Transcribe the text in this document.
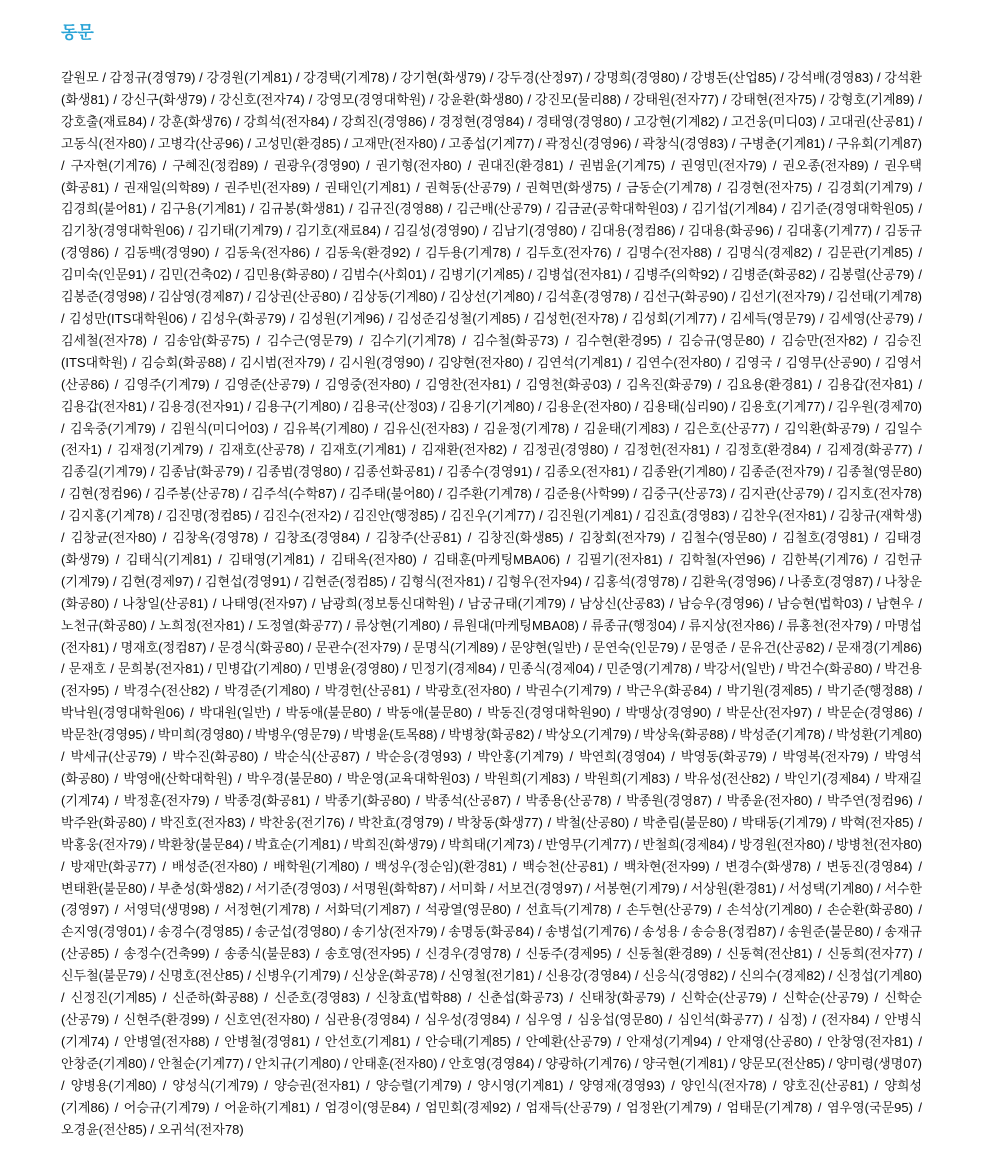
동문

갈원모 / 감정규(경영79) / 강경원(기계81) / 강경택(기계78) / 강기현(화생79) / 강두경(산정97) / 강명희(경영80) / 강병돈(산업85) / 강석배(경영83) / 강석환(화생81) / 강신구(화생79) / 강신호(전자74) / 강영모(경영대학원) / 강윤환(화생80) / 강진모(물리88) / 강태원(전자77) / 강태현(전자75) / 강형호(기계89) / 강호출(재료84) / 강훈(화생76) / 강희석(전자84) / 강희진(경영86) / 경정현(경영84) / 경태영(경영80) / 고강현(기계82) / 고건웅(미디03) / 고대권(산공81) / 고동식(전자80) / 고병각(산공96) / 고성민(환경85) / 고재만(전자80) / 고종섭(기계77) / 곽정신(경영96) / 곽창식(경영83) / 구병춘(기계81) / 구유회(기계87) / 구자현(기계76) / 구혜진(정컴89) / 권광우(경영90) / 권기형(전자80) / 권대진(환경81) / 권범윤(기계75) / 권영민(전자79) / 권오종(전자89) / 권우택(화공81) / 권재일(의학89) / 권주빈(전자89) / 권태인(기계81) / 권혁동(산공79) / 권혁면(화생75) / 금동순(기계78) / 김경현(전자75) / 김경회(기계79) / 김경희(불어81) / 김구용(기계81) / 김규봉(화생81) / 김규진(경영88) / 김근배(산공79) / 김금균(공학대학원03) / 김기섭(기계84) / 김기준(경영대학원05) / 김기창(경영대학원06) / 김기태(기계79) / 김기호(재료84) / 김길성(경영90) / 김남기(경영80) / 김대용(정컴86) / 김대용(화공96) / 김대홍(기계77) / 김동규(경영86) / 김동백(경영90) / 김동욱(전자86) / 김동욱(환경92) / 김두용(기계78) / 김두호(전자76) / 김명수(전자88) / 김명식(경제82) / 김문관(기계85) / 김미숙(인문91) / 김민(건축02) / 김민용(화공80) / 김범수(사회01) / 김병기(기계85) / 김병섭(전자81) / 김병주(의학92) / 김병준(화공82) / 김봉렬(산공79) / 김봉준(경영98) / 김삼영(경제87) / 김상권(산공80) / 김상동(기계80) / 김상선(기계80) / 김석훈(경영78) / 김선구(화공90) / 김선기(전자79) / 김선태(기계78) / 김성만(ITS대학원06) / 김성우(화공79) / 김성원(기계96) / 김성준김성철(기계85) / 김성헌(전자78) / 김성회(기계77) / 김세득(영문79) / 김세영(산공79) / 김세철(전자78) / 김송암(화공75) / 김수근(영문79) / 김수기(기계78) / 김수철(화공73) / 김수현(환경95) / 김승규(영문80) / 김승만(전자82) / 김승진(ITS대학원) / 김승회(화공88) / 김시범(전자79) / 김시원(경영90) / 김양현(전자80) / 김연석(기계81) / 김연수(전자80) / 김영국 / 김영무(산공90) / 김영서(산공86) / 김영주(기계79) / 김영준(산공79) / 김영중(전자80) / 김영찬(전자81) / 김영천(화공03) / 김옥진(화공79) / 김요용(환경81) / 김용갑(전자81) / 김용갑(전자81) / 김용경(전자91) / 김용구(기계80) / 김용국(산정03) / 김용기(기계80) / 김용운(전자80) / 김용태(심리90) / 김용호(기계77) / 김우원(경제70) / 김욱중(기계79) / 김원식(미디어03) / 김유복(기계80) / 김유신(전자83) / 김윤정(기계78) / 김윤태(기계83) / 김은호(산공77) / 김익환(화공79) / 김일수(전자1) / 김재정(기계79) / 김재호(산공78) / 김재호(기계81) / 김재환(전자82) / 김정권(경영80) / 김정헌(전자81) / 김정호(환경84) / 김제경(화공77) / 김종길(기계79) / 김종남(화공79) / 김종범(경영80) / 김종선화공81) / 김종수(경영91) / 김종오(전자81) / 김종완(기계80) / 김종준(전자79) / 김종철(영문80) / 김현(정컴96) / 김주봉(산공78) / 김주석(수학87) / 김주태(불어80) / 김주환(기계78) / 김준용(사학99) / 김중구(산공73) / 김지관(산공79) / 김지호(전자78) / 김지홍(기계78) / 김진명(정컴85) / 김진수(전자2) / 김진안(행정85) / 김진우(기계77) / 김진원(기계81) / 김진효(경영83) / 김찬우(전자81) / 김창규(재학생) / 김창균(전자80) / 김창옥(경영78) / 김창조(경영84) / 김창주(산공81) / 김창진(화생85) / 김창회(전자79) / 김철수(영문80) / 김철호(경영81) / 김태경(화생79) / 김태식(기계81) / 김태영(기계81) / 김태옥(전자80) / 김태훈(마케팅MBA06) / 김필기(전자81) / 김학철(자연96) / 김한복(기계76) / 김헌규(기계79) / 김현(경제97) / 김현섭(경영91) / 김현준(정컴85) / 김형식(전자81) / 김형우(전자94) / 김홍석(경영78) / 김환욱(경영96) / 나종호(경영87) / 나창운(화공80) / 나창일(산공81) / 나태영(전자97) / 남광희(정보통신대학원) / 남궁규태(기계79) / 남상신(산공83) / 남승우(경영96) / 남승현(법학03) / 남현우 / 노천규(화공80) / 노희정(전자81) / 도정열(화공77) / 류상현(기계80) / 류원대(마케팅MBA08) / 류종규(행정04) / 류지상(전자86) / 류홍천(전자79) / 마명섭(전자81) / 명재호(정컴87) / 문경식(화공80) / 문관수(전자79) / 문명식(기계89) / 문양현(일반) / 문연숙(인문79) / 문영준 / 문유건(산공82) / 문재경(기계86) / 문재호 / 문희봉(전자81) / 민병갑(기계80) / 민병윤(경영80) / 민정기(경제84) / 민종식(경제04) / 민준영(기계78) / 박강서(일반) / 박건수(화공80) / 박건용(전자95) / 박경수(전산82) / 박경준(기계80) / 박경헌(산공81) / 박광호(전자80) / 박권수(기계79) / 박근우(화공84) / 박기원(경제85) / 박기준(행정88) / 박낙원(경영대학원06) / 박대원(일반) / 박동애(불문80) / 박동애(불문80) / 박동진(경영대학원90) / 박맹상(경영90) / 박문산(전자97) / 박문순(경영86) / 박문찬(경영95) / 박미희(경영80) / 박병우(영문79) / 박병윤(토목88) / 박병창(화공82) / 박상오(기계79) / 박상욱(화공88) / 박성준(기계78) / 박성환(기계80) / 박세규(산공79) / 박수진(화공80) / 박순식(산공87) / 박순응(경영93) / 박안홍(기계79) / 박연희(경영04) / 박영동(화공79) / 박영복(전자79) / 박영석(화공80) / 박영애(산학대학원) / 박우경(불문80) / 박운영(교육대학원03) / 박원희(기계83) / 박원희(기계83) / 박유성(전산82) / 박인기(경제84) / 박재길(기계74) / 박정훈(전자79) / 박종경(화공81) / 박종기(화공80) / 박종석(산공87) / 박종용(산공78) / 박종원(경영87) / 박종윤(전자80) / 박주연(정컴96) / 박주완(화공80) / 박진호(전자83) / 박찬웅(전기76) / 박찬효(경영79) / 박창동(화생77) / 박철(산공80) / 박춘림(불문80) / 박태동(기계79) / 박혁(전자85) / 박홍웅(전자79) / 박환창(불문84) / 박효순(기계81) / 박희진(화생79) / 박희태(기계73) / 반영무(기계77) / 반철희(경제84) / 방경원(전자80) / 방병천(전자80) / 방재만(화공77) / 배성준(전자80) / 배학원(기계80) / 백성우(정순임)(환경81) / 백승천(산공81) / 백차현(전자99) / 변경수(화생78) / 변동진(경영84) / 변태환(불문80) / 부춘성(화생82) / 서기준(경영03) / 서명원(화학87) / 서미화 / 서보건(경영97) / 서봉현(기계79) / 서상원(환경81) / 서성택(기계80) / 서수한(경영97) / 서영덕(생명98) / 서정현(기계78) / 서화덕(기계87) / 석광열(영문80) / 선효득(기계78) / 손두현(산공79) / 손석상(기계80) / 손순환(화공80) / 손지영(경영01) / 송경수(경영85) / 송군섭(경영80) / 송기상(전자79) / 송명동(화공84) / 송병섭(기계76) / 송성용 / 송승용(정컴87) / 송원준(불문80) / 송재규(산공85) / 송정수(건축99) / 송종식(불문83) / 송호영(전자95) / 신경우(경영78) / 신동주(경제95) / 신동철(환경89) / 신동혁(전산81) / 신동희(전자77) / 신두철(불문79) / 신명호(전산85) / 신병우(기계79) / 신상운(화공78) / 신영철(전기81) / 신용강(경영84) / 신응식(경영82) / 신의수(경제82) / 신정섭(기계80) / 신정진(기계85) / 신준하(화공88) / 신준호(경영83) / 신창효(법학88) / 신춘섭(화공73) / 신태창(화공79) / 신학순(산공79) / 신학순(산공79) / 신학순(산공79) / 신현주(환경99) / 신호연(전자80) / 심관용(경영84) / 심우성(경영84) / 심우영 / 심웅섭(영문80) / 심인석(화공77) / 심정) / (전자84) / 안병식(기계74) / 안병열(전자88) / 안병철(경영81) / 안선호(기계81) / 안승태(기계85) / 안예환(산공79) / 안재성(기계94) / 안재영(산공80) / 안창영(전자81) / 안창준(기계80) / 안철순(기계77) / 안치규(기계80) / 안태훈(전자80) / 안호영(경영84) / 양광하(기계76) / 양국현(기계81) / 양문모(전산85) / 양미령(생명07) / 양병용(기계80) / 양성식(기계79) / 양승권(전자81) / 양승렬(기계79) / 양시영(기계81) / 양영재(경영93) / 양인식(전자78) / 양호진(산공81) / 양희성(기계86) / 어승규(기계79) / 어윤하(기계81) / 엄경이(영문84) / 엄민회(경제92) / 엄재득(산공79) / 엄정완(기계79) / 엄태문(기계78) / 염우영(국문95) / 오경윤(전산85) / 오귀석(전자78)
